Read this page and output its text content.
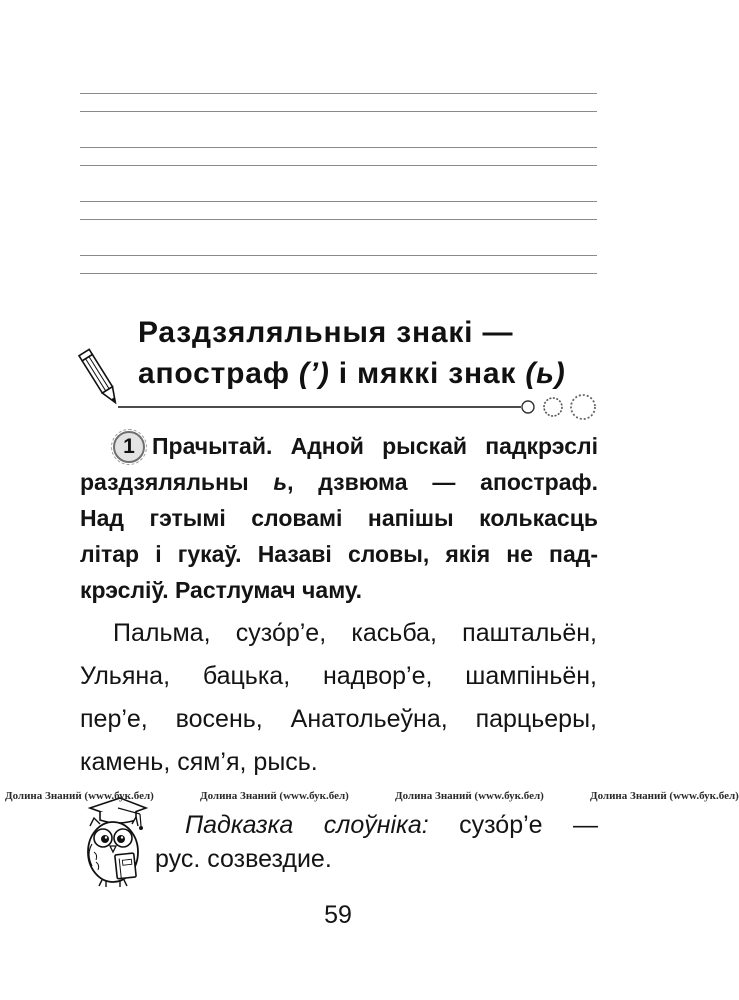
Раздзяляльныя знакі —
апостраф (’) і мяккі знак (ь)
1 Прачытай. Адной рыскай падкрэслі
раздзяляльны ь, дзвюма — апостраф.
Над гэтымі словамі напішы колькасць
літар і гукаў. Назаві словы, якія не пад-
крэсліў. Растлумач чаму.
Пальма, сузо́р’е, касьба, паштальён,
Ульяна, бацька, надвор’е, шампіньён,
пер’е, восень, Анатольеўна, парцьеры,
камень, сям’я, рысь.
Долина Знаний (www.бук.бел)	Долина Знаний (www.бук.бел)	Долина Знаний (www.бук.бел)	Долина Знаний (www.бук.бел)
Падказка слоўніка: сузо́р’е —
рус. созвездие.
59
